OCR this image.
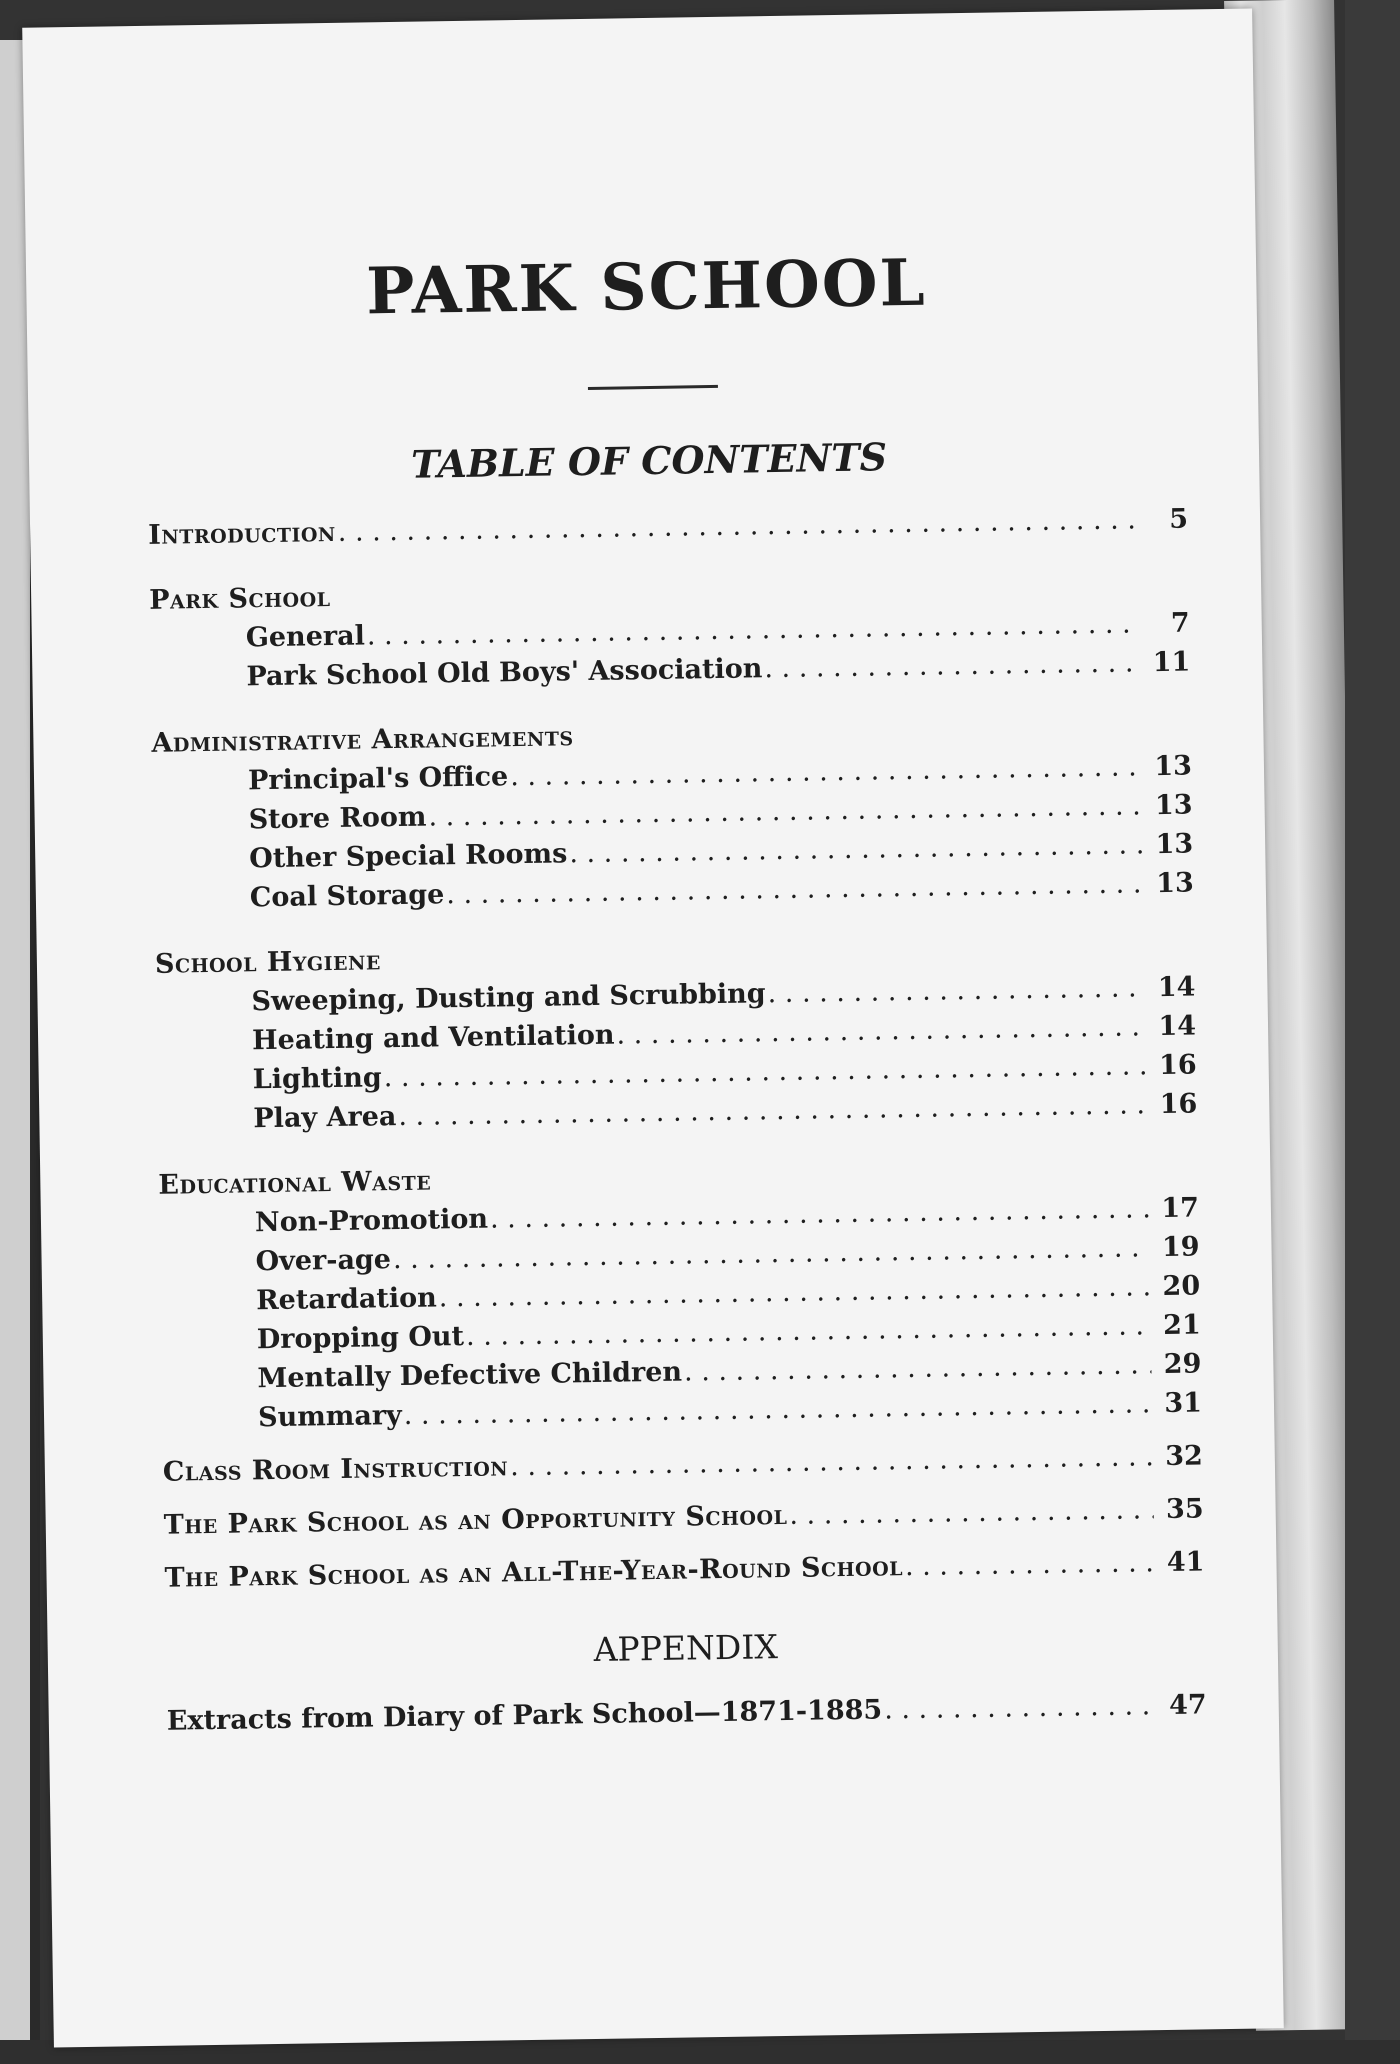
PARK SCHOOL
TABLE OF CONTENTS
Introduction . . .	5
Park School
General . . .	7
Park School Old Boys' Association . . .	11
Administrative Arrangements
Principal's Office . . .	13
Store Room . . .	13
Other Special Rooms . . .	13
Coal Storage . . .	13
School Hygiene
Sweeping, Dusting and Scrubbing . . .	14
Heating and Ventilation . . .	14
Lighting . . .	16
Play Area . . .	16
Educational Waste
Non-Promotion . . .	17
Over-age . . .	19
Retardation . . .	20
Dropping Out . . .	21
Mentally Defective Children . . .	29
Summary . . .	31
Class Room Instruction . . .	32
The Park School as an Opportunity School . . .	35
The Park School as an All-The-Year-Round School . . .	41
APPENDIX
Extracts from Diary of Park School—1871-1885 . . .	47
